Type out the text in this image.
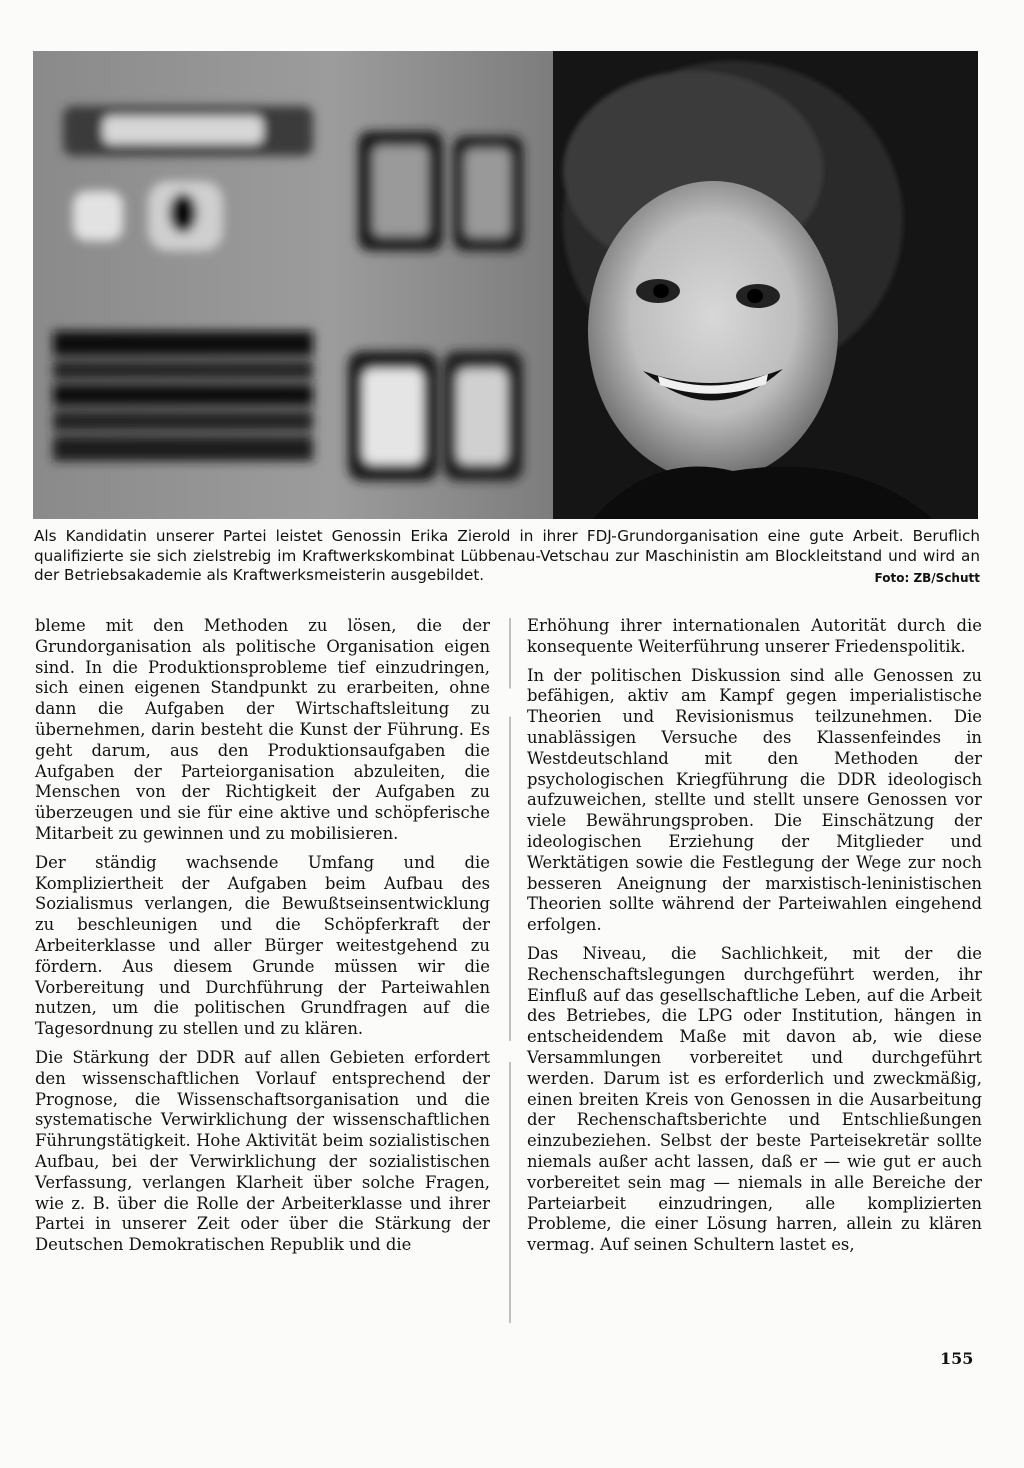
Als Kandidatin unserer Partei leistet Genossin Erika Zierold in ihrer FDJ-Grundorganisation eine gute Arbeit. Beruflich qualifizierte sie sich zielstrebig im Kraftwerkskombinat Lübbenau-Vetschau zur Maschinistin am Blockleitstand und wird an der Betriebsakademie als Kraftwerksmeisterin ausgebildet.	Foto: ZB/Schutt

bleme mit den Methoden zu lösen, die der Grundorganisation als politische Organisation eigen sind. In die Produktionsprobleme tief einzudringen, sich einen eigenen Standpunkt zu erarbeiten, ohne dann die Aufgaben der Wirtschaftsleitung zu übernehmen, darin besteht die Kunst der Führung. Es geht darum, aus den Produktionsaufgaben die Aufgaben der Parteiorganisation abzuleiten, die Menschen von der Richtigkeit der Aufgaben zu überzeugen und sie für eine aktive und schöpferische Mitarbeit zu gewinnen und zu mobilisieren.

Der ständig wachsende Umfang und die Kompliziertheit der Aufgaben beim Aufbau des Sozialismus verlangen, die Bewußtseinsentwicklung zu beschleunigen und die Schöpferkraft der Arbeiterklasse und aller Bürger weitestgehend zu fördern. Aus diesem Grunde müssen wir die Vorbereitung und Durchführung der Parteiwahlen nutzen, um die politischen Grundfragen auf die Tagesordnung zu stellen und zu klären.

Die Stärkung der DDR auf allen Gebieten erfordert den wissenschaftlichen Vorlauf entsprechend der Prognose, die Wissenschaftsorganisation und die systematische Verwirklichung der wissenschaftlichen Führungstätigkeit. Hohe Aktivität beim sozialistischen Aufbau, bei der Verwirklichung der sozialistischen Verfassung, verlangen Klarheit über solche Fragen, wie z. B. über die Rolle der Arbeiterklasse und ihrer Partei in unserer Zeit oder über die Stärkung der Deutschen Demokratischen Republik und die

Erhöhung ihrer internationalen Autorität durch die konsequente Weiterführung unserer Friedenspolitik.

In der politischen Diskussion sind alle Genossen zu befähigen, aktiv am Kampf gegen imperialistische Theorien und Revisionismus teilzunehmen. Die unablässigen Versuche des Klassenfeindes in Westdeutschland mit den Methoden der psychologischen Kriegführung die DDR ideologisch aufzuweichen, stellte und stellt unsere Genossen vor viele Bewährungsproben. Die Einschätzung der ideologischen Erziehung der Mitglieder und Werktätigen sowie die Festlegung der Wege zur noch besseren Aneignung der marxistisch-leninistischen Theorien sollte während der Parteiwahlen eingehend erfolgen.

Das Niveau, die Sachlichkeit, mit der die Rechenschaftslegungen durchgeführt werden, ihr Einfluß auf das gesellschaftliche Leben, auf die Arbeit des Betriebes, die LPG oder Institution, hängen in entscheidendem Maße mit davon ab, wie diese Versammlungen vorbereitet und durchgeführt werden. Darum ist es erforderlich und zweckmäßig, einen breiten Kreis von Genossen in die Ausarbeitung der Rechenschaftsberichte und Entschließungen einzubeziehen. Selbst der beste Parteisekretär sollte niemals außer acht lassen, daß er — wie gut er auch vorbereitet sein mag — niemals in alle Bereiche der Parteiarbeit einzudringen, alle komplizierten Probleme, die einer Lösung harren, allein zu klären vermag. Auf seinen Schultern lastet es,

155
